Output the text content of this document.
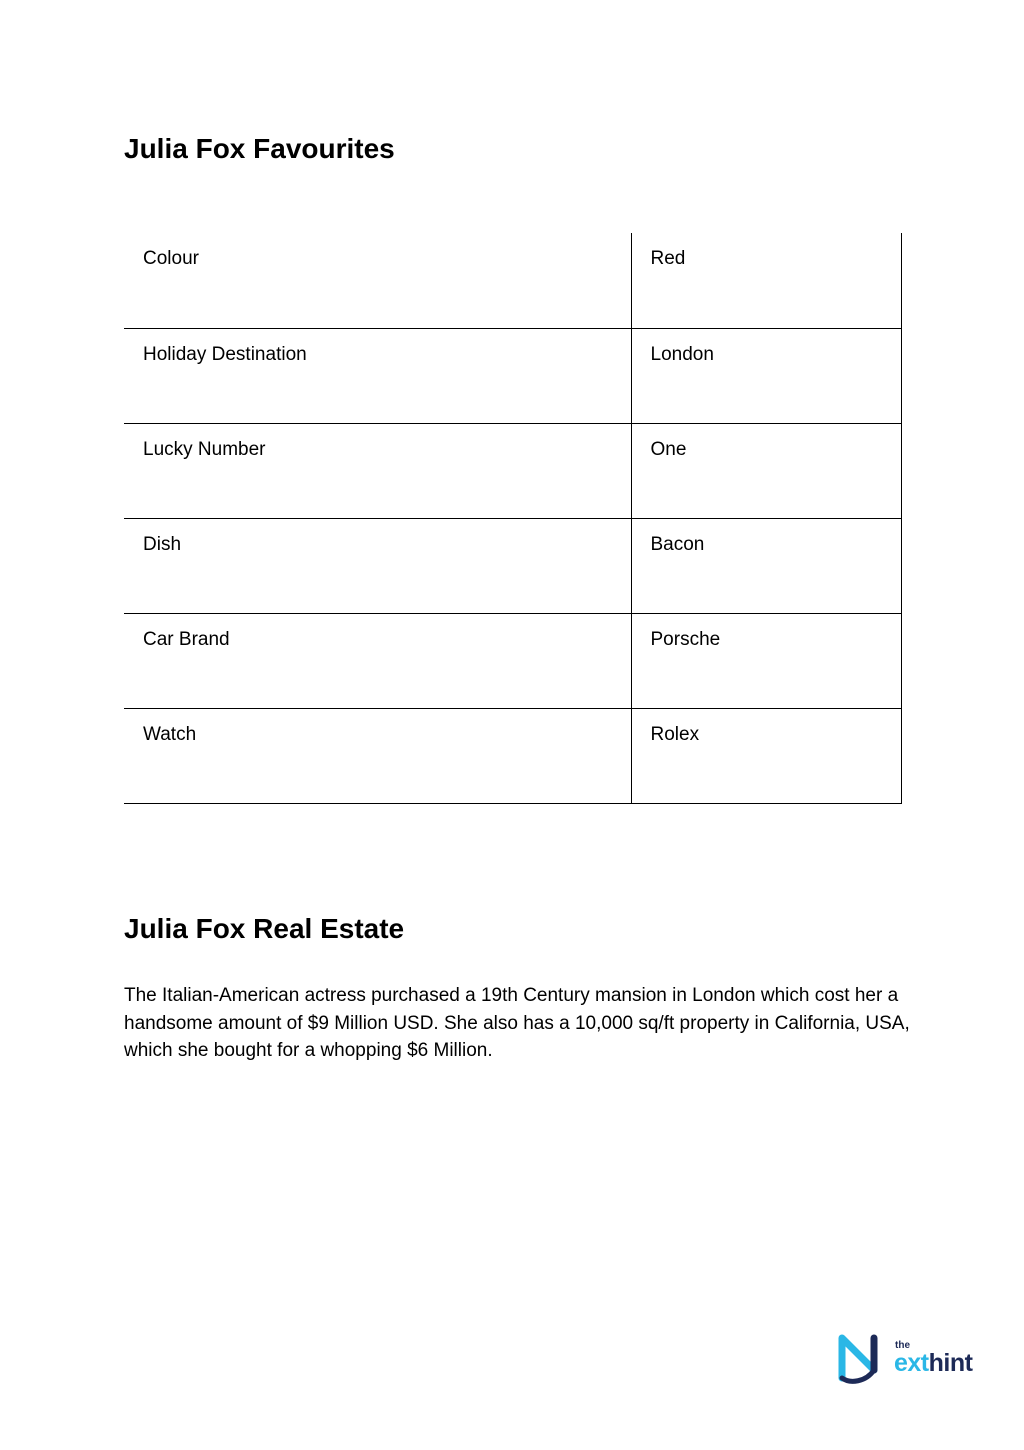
Julia Fox Favourites
Colour	Red
Holiday Destination	London
Lucky Number	One
Dish	Bacon
Car Brand	Porsche
Watch	Rolex
Julia Fox Real Estate

The Italian-American actress purchased a 19th Century mansion in London which cost her a handsome amount of $9 Million USD. She also has a 10,000 sq/ft property in California, USA, which she bought for a whopping $6 Million.

the
exthint
